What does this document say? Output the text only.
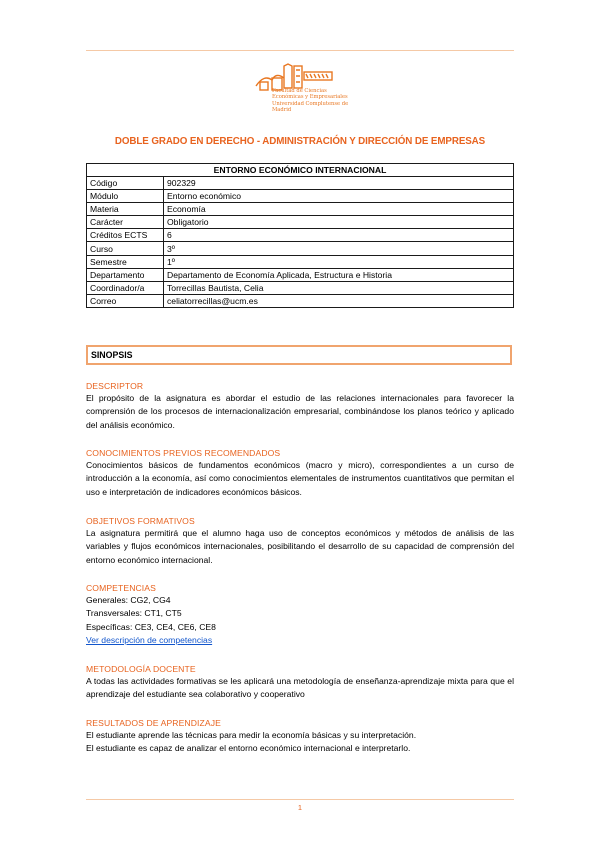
Facultad de Ciencias
Económicas y Empresariales
Universidad Complutense de Madrid
DOBLE GRADO EN DERECHO - ADMINISTRACIÓN Y DIRECCIÓN DE EMPRESAS
ENTORNO ECONÓMICO INTERNACIONAL	
Código	902329
Módulo	Entorno económico
Materia	Economía
Carácter	Obligatorio
Créditos ECTS	6
Curso	3º
Semestre	1º
Departamento	Departamento de Economía Aplicada, Estructura e Historia
Coordinador/a	Torrecillas Bautista, Celia
Correo	celiatorrecillas@ucm.es
SINOPSIS
DESCRIPTOR

El propósito de la asignatura es abordar el estudio de las relaciones internacionales para favorecer la comprensión de los procesos de internacionalización empresarial, combinándose los planos teórico y aplicado del análisis económico.

CONOCIMIENTOS PREVIOS RECOMENDADOS

Conocimientos básicos de fundamentos económicos (macro y micro), correspondientes a un curso de introducción a la economía, así como conocimientos elementales de instrumentos cuantitativos que permitan el uso e interpretación de indicadores económicos básicos.

OBJETIVOS FORMATIVOS

La asignatura permitirá que el alumno haga uso de conceptos económicos y métodos de análisis de las variables y flujos económicos internacionales, posibilitando el desarrollo de su capacidad de comprensión del entorno económico internacional.

COMPETENCIAS

Generales: CG2, CG4

Transversales: CT1, CT5

Específicas: CE3, CE4, CE6, CE8

Ver descripción de competencias

METODOLOGÍA DOCENTE

A todas las actividades formativas se les aplicará una metodología de enseñanza-aprendizaje mixta para que el aprendizaje del estudiante sea colaborativo y cooperativo

RESULTADOS DE APRENDIZAJE

El estudiante aprende las técnicas para medir la economía básicas y su interpretación.

El estudiante es capaz de analizar el entorno económico internacional e interpretarlo.

1
